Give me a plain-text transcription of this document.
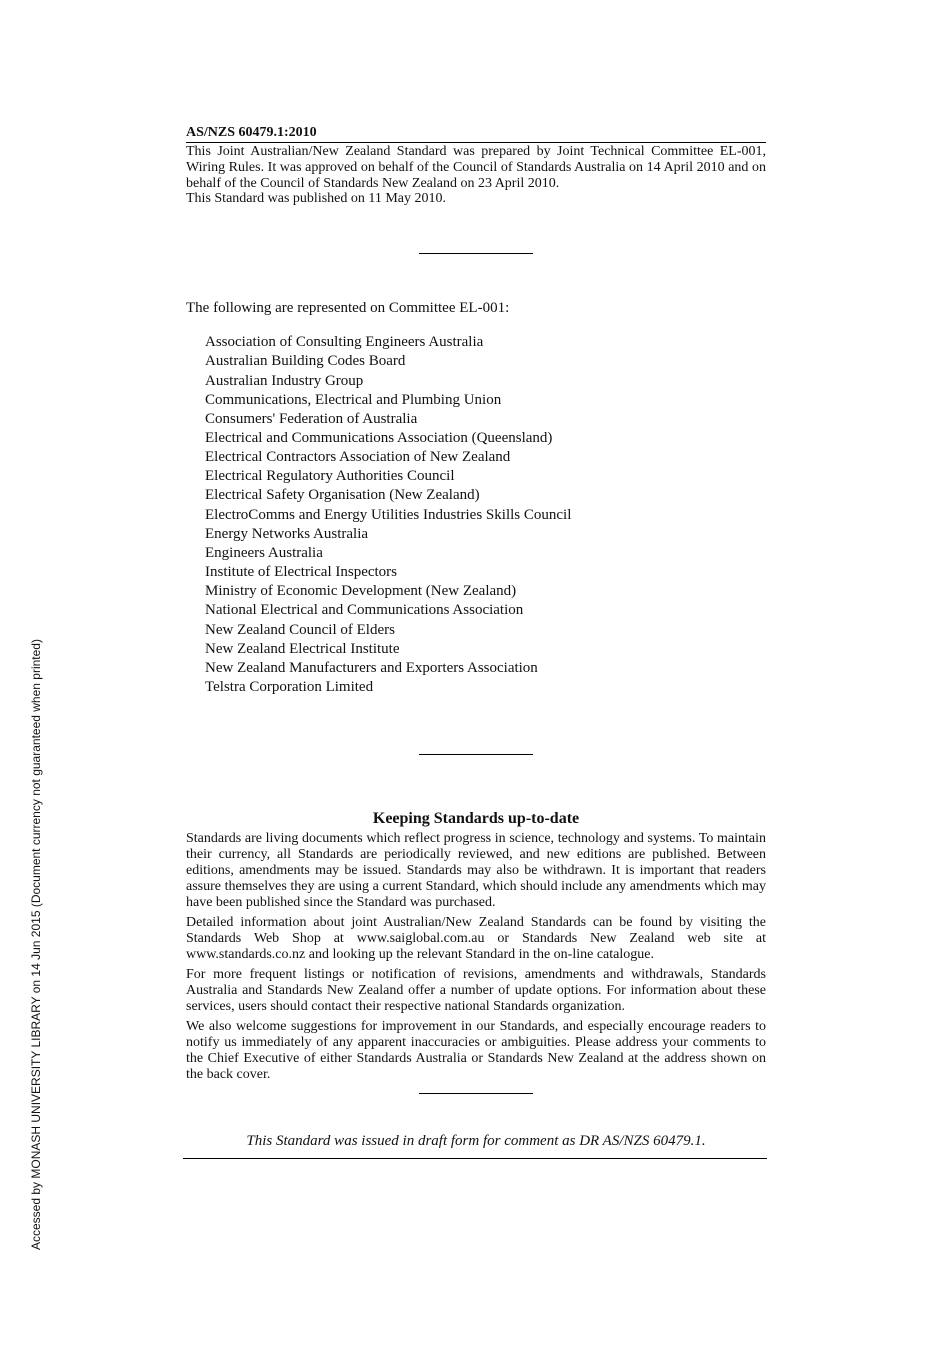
AS/NZS 60479.1:2010

This Joint Australian/New Zealand Standard was prepared by Joint Technical Committee EL-001, Wiring Rules. It was approved on behalf of the Council of Standards Australia on 14 April 2010 and on behalf of the Council of Standards New Zealand on 23 April 2010.

This Standard was published on 11 May 2010.

The following are represented on Committee EL-001:
Association of Consulting Engineers Australia
Australian Building Codes Board
Australian Industry Group
Communications, Electrical and Plumbing Union
Consumers' Federation of Australia
Electrical and Communications Association (Queensland)
Electrical Contractors Association of New Zealand
Electrical Regulatory Authorities Council
Electrical Safety Organisation (New Zealand)
ElectroComms and Energy Utilities Industries Skills Council
Energy Networks Australia
Engineers Australia
Institute of Electrical Inspectors
Ministry of Economic Development (New Zealand)
National Electrical and Communications Association
New Zealand Council of Elders
New Zealand Electrical Institute
New Zealand Manufacturers and Exporters Association
Telstra Corporation Limited
Keeping Standards up-to-date

Standards are living documents which reflect progress in science, technology and systems. To maintain their currency, all Standards are periodically reviewed, and new editions are published. Between editions, amendments may be issued. Standards may also be withdrawn. It is important that readers assure themselves they are using a current Standard, which should include any amendments which may have been published since the Standard was purchased.

Detailed information about joint Australian/New Zealand Standards can be found by visiting the Standards Web Shop at www.saiglobal.com.au or Standards New Zealand web site at www.standards.co.nz and looking up the relevant Standard in the on-line catalogue.

For more frequent listings or notification of revisions, amendments and withdrawals, Standards Australia and Standards New Zealand offer a number of update options. For information about these services, users should contact their respective national Standards organization.

We also welcome suggestions for improvement in our Standards, and especially encourage readers to notify us immediately of any apparent inaccuracies or ambiguities. Please address your comments to the Chief Executive of either Standards Australia or Standards New Zealand at the address shown on the back cover.

This Standard was issued in draft form for comment as DR AS/NZS 60479.1.
Accessed by MONASH UNIVERSITY LIBRARY on 14 Jun 2015 (Document currency not guaranteed when printed)
